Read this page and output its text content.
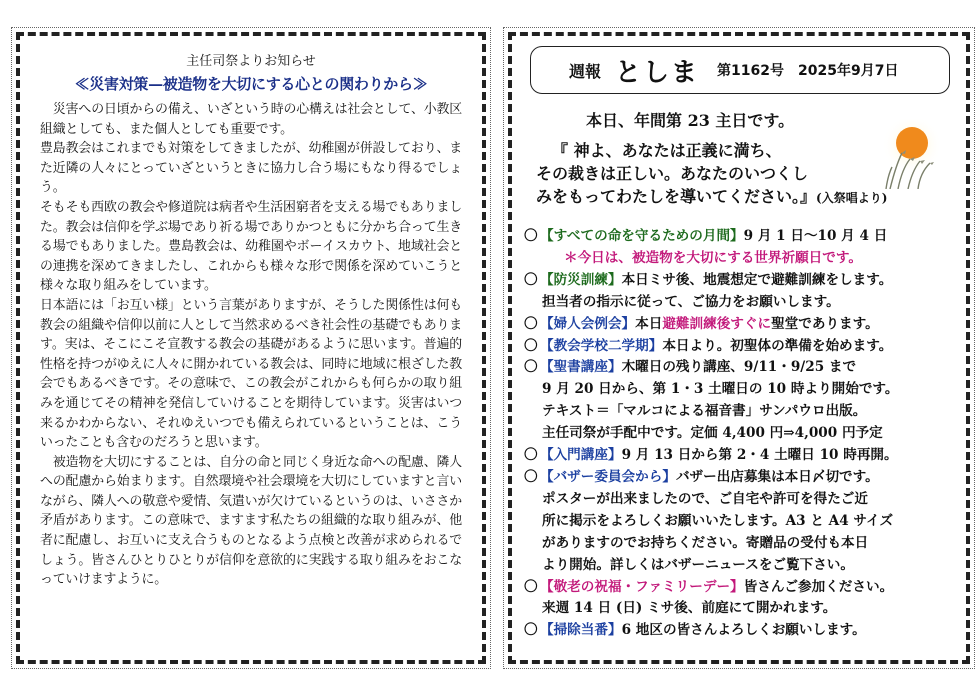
主任司祭よりお知らせ
≪災害対策—被造物を大切にする心との関わりから≫

災害への日頃からの備え、いざという時の心構えは社会として、小教区組織としても、また個人としても重要です。

豊島教会はこれまでも対策をしてきましたが、幼稚園が併設しており、また近隣の人々にとっていざというときに協力し合う場にもなり得るでしょう。

そもそも西欧の教会や修道院は病者や生活困窮者を支える場でもありました。教会は信仰を学ぶ場であり祈る場でありかつともに分かち合って生きる場でもありました。豊島教会は、幼稚園やボーイスカウト、地域社会との連携を深めてきましたし、これからも様々な形で関係を深めていこうと様々な取り組みをしています。

日本語には「お互い様」という言葉がありますが、そうした関係性は何も教会の組織や信仰以前に人として当然求めるべき社会性の基礎でもあります。実は、そこにこそ宣教する教会の基礎があるように思います。普遍的性格を持つがゆえに人々に開かれている教会は、同時に地域に根ざした教会でもあるべきです。その意味で、この教会がこれからも何らかの取り組みを通じてその精神を発信していけることを期待しています。災害はいつ来るかわからない、それゆえいつでも備えられているということは、こういったことも含むのだろうと思います。

被造物を大切にすることは、自分の命と同じく身近な命への配慮、隣人への配慮から始まります。自然環境や社会環境を大切にしていますと言いながら、隣人への敬意や愛情、気遣いが欠けているというのは、いささか矛盾があります。この意味で、ますます私たちの組織的な取り組みが、他者に配慮し、お互いに支え合うものとなるよう点検と改善が求められるでしょう。皆さんひとりひとりが信仰を意欲的に実践する取り組みをおこなっていけますように。

週報 としま 第1162号 2025年9月7日
本日、年間第 23 主日です。
『 神よ、あなたは正義に満ち、
その裁きは正しい。あなたのいつくし
みをもってわたしを導いてください。』(入祭唱より)
〇 【すべての命を守るための月間】9 月 1 日～10 月 4 日
＊今日は、被造物を大切にする世界祈願日です。
〇 【防災訓練】本日ミサ後、地震想定で避難訓練をします。
担当者の指示に従って、ご協力をお願いします。
〇 【婦人会例会】本日避難訓練後すぐに聖堂であります。
〇 【教会学校二学期】本日より。初聖体の準備を始めます。
〇 【聖書講座】木曜日の残り講座、9/11・9/25 まで
9 月 20 日から、第 1・3 土曜日の 10 時より開始です。
テキスト＝「マルコによる福音書」サンパウロ出版。
主任司祭が手配中です。定価 4,400 円⇒4,000 円予定
〇 【入門講座】9 月 13 日から第 2・4 土曜日 10 時再開。
〇 【バザー委員会から】バザー出店募集は本日〆切です。
ポスターが出来ましたので、ご自宅や許可を得たご近
所に掲示をよろしくお願いいたします。A3 と A4 サイズ
がありますのでお持ちください。寄贈品の受付も本日
より開始。詳しくはバザーニュースをご覧下さい。
〇 【敬老の祝福・ファミリーデー】皆さんご参加ください。
来週 14 日 (日) ミサ後、前庭にて開かれます。
〇 【掃除当番】6 地区の皆さんよろしくお願いします。
